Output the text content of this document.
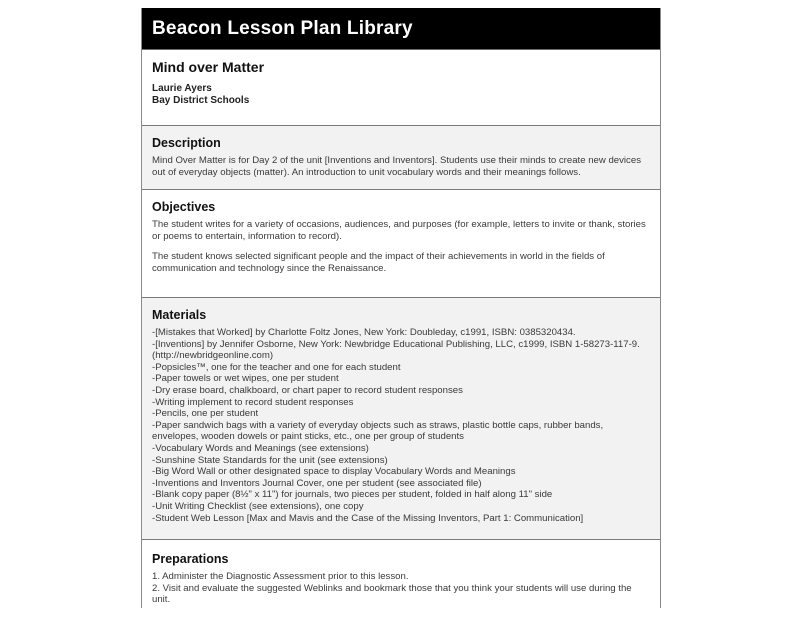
Beacon Lesson Plan Library
Mind over Matter
Laurie Ayers
Bay District Schools
Description
Mind Over Matter is for Day 2 of the unit [Inventions and Inventors]. Students use their minds to create new devices out of everyday objects (matter). An introduction to unit vocabulary words and their meanings follows.
Objectives

The student writes for a variety of occasions, audiences, and purposes (for example, letters to invite or thank, stories or poems to entertain, information to record).

The student knows selected significant people and the impact of their achievements in world in the fields of communication and technology since the Renaissance.

Materials
-[Mistakes that Worked] by Charlotte Foltz Jones, New York: Doubleday, c1991, ISBN: 0385320434.
-[Inventions] by Jennifer Osborne, New York: Newbridge Educational Publishing, LLC, c1999, ISBN 1-58273-117-9. (http://newbridgeonline.com)
-Popsicles™, one for the teacher and one for each student
-Paper towels or wet wipes, one per student
-Dry erase board, chalkboard, or chart paper to record student responses
-Writing implement to record student responses
-Pencils, one per student
-Paper sandwich bags with a variety of everyday objects such as straws, plastic bottle caps, rubber bands, envelopes, wooden dowels or paint sticks, etc., one per group of students
-Vocabulary Words and Meanings (see extensions)
-Sunshine State Standards for the unit (see extensions)
-Big Word Wall or other designated space to display Vocabulary Words and Meanings
-Inventions and Inventors Journal Cover, one per student (see associated file)
-Blank copy paper (8½" x 11") for journals, two pieces per student, folded in half along 11" side
-Unit Writing Checklist (see extensions), one copy
-Student Web Lesson [Max and Mavis and the Case of the Missing Inventors, Part 1: Communication]
Preparations

1. Administer the Diagnostic Assessment prior to this lesson.

2. Visit and evaluate the suggested Weblinks and bookmark those that you think your students will use during the unit.
